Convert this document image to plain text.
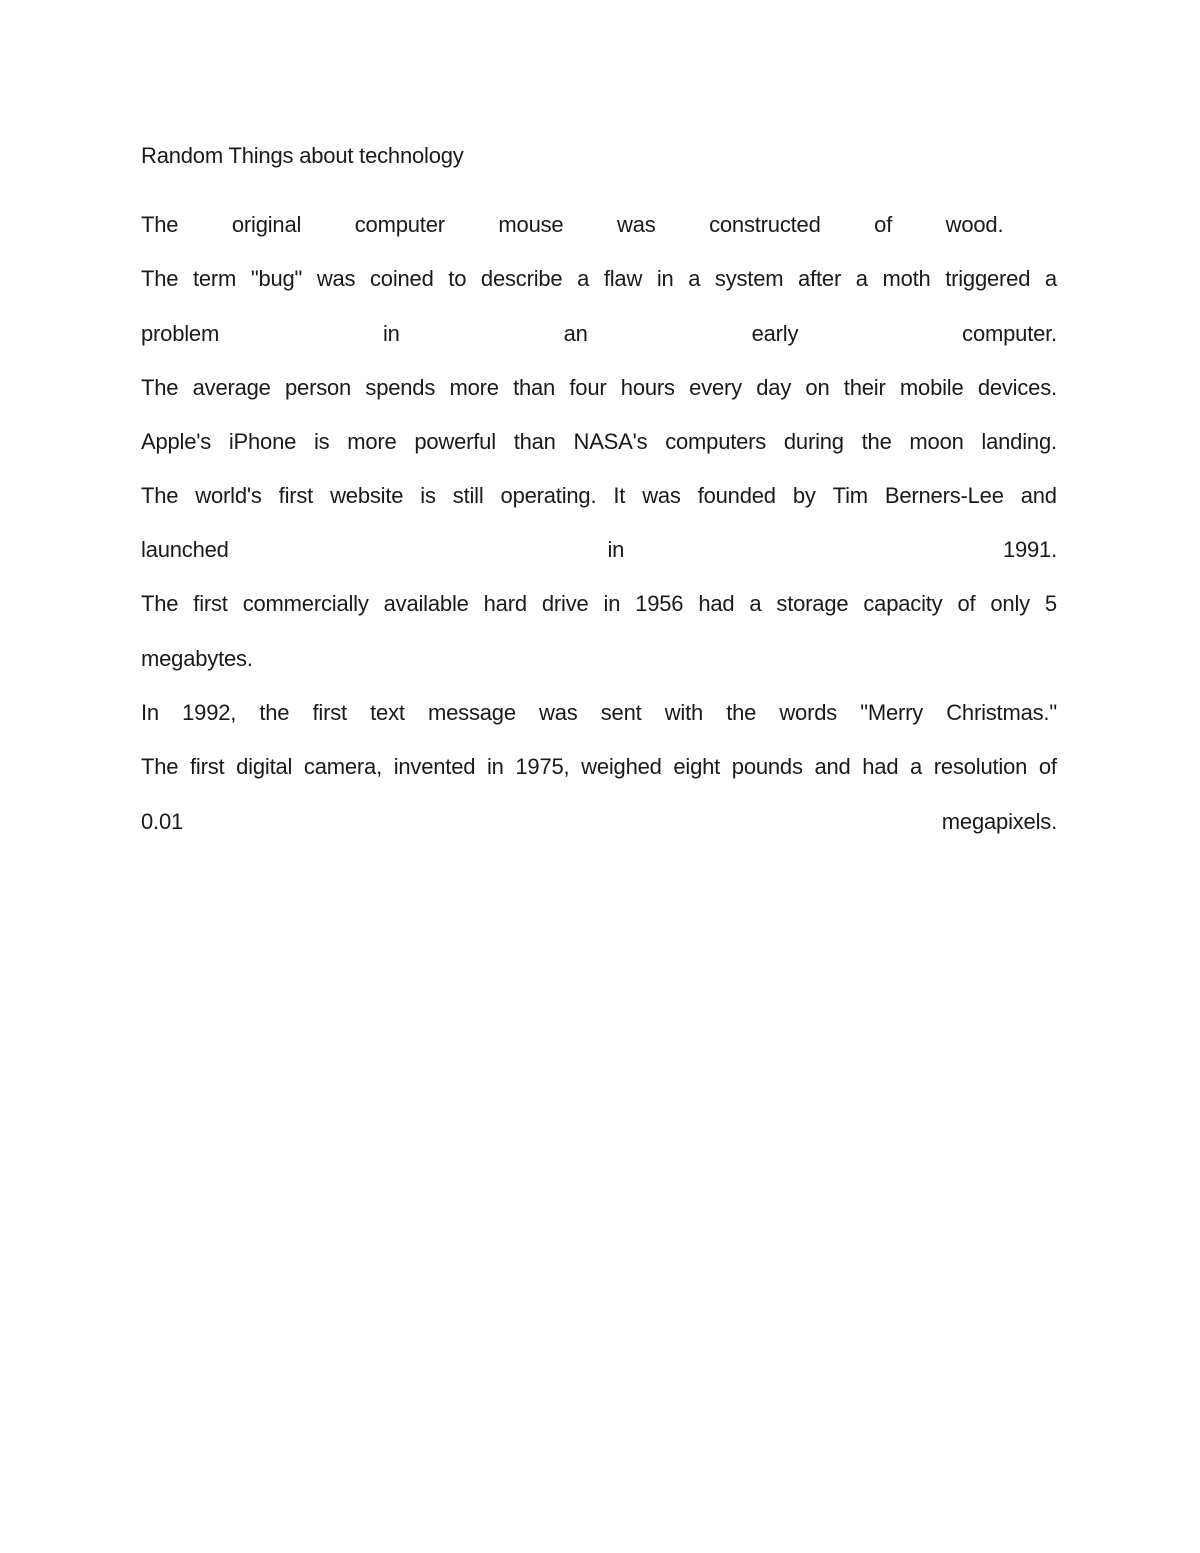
Random Things about technology
The original computer mouse was constructed of wood.
The term "bug" was coined to describe a flaw in a system after a moth triggered a
problem	in	an	early	computer.
The average person spends more than four hours every day on their mobile devices.
Apple's iPhone is more powerful than NASA's computers during the moon landing.
The world's first website is still operating. It was founded by Tim Berners-Lee and
launched	in	1991.
The first commercially available hard drive in 1956 had a storage capacity of only 5
megabytes.
In 1992, the first text message was sent with the words "Merry Christmas."
The first digital camera, invented in 1975, weighed eight pounds and had a resolution of
0.01	megapixels.
